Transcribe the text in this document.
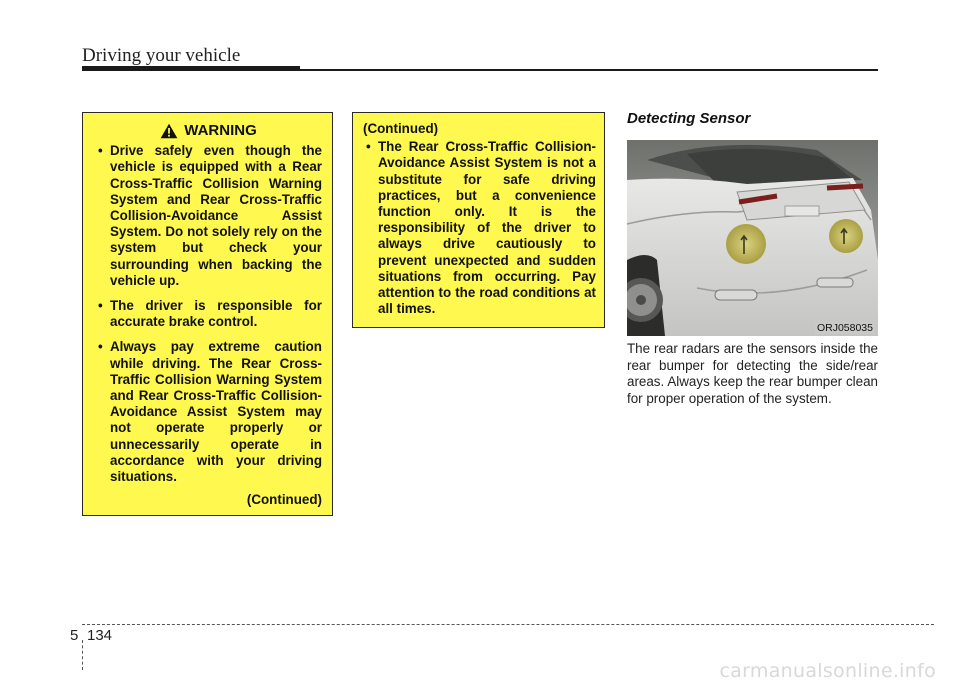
Driving your vehicle
WARNING
• Drive safely even though the vehicle is equipped with a Rear Cross-Traffic Collision Warning System and Rear Cross-Traffic Collision-Avoidance Assist System. Do not solely rely on the system but check your surrounding when backing the vehicle up.
• The driver is responsible for accurate brake control.
• Always pay extreme caution while driving. The Rear Cross-Traffic Collision Warning System and Rear Cross-Traffic Collision-Avoidance Assist System may not operate properly or unnecessarily operate in accordance with your driving situations.
(Continued)
(Continued)
• The Rear Cross-Traffic Collision-Avoidance Assist System is not a substitute for safe driving practices, but a convenience function only. It is the responsibility of the driver to always drive cautiously to prevent unexpected and sudden situations from occurring. Pay attention to the road conditions at all times.
Detecting Sensor
ORJ058035
The rear radars are the sensors inside the rear bumper for detecting the side/rear areas. Always keep the rear bumper clean for proper operation of the system.
5 134
carmanualsonline.info
